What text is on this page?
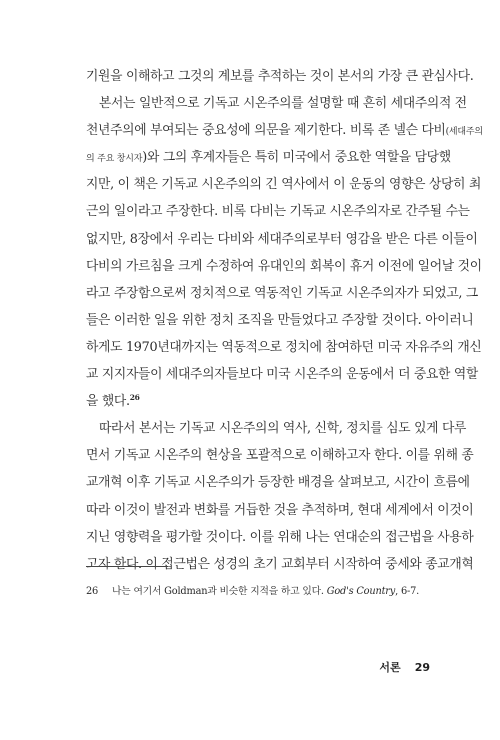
기원을 이해하고 그것의 계보를 추적하는 것이 본서의 가장 큰 관심사다.
본서는 일반적으로 기독교 시온주의를 설명할 때 흔히 세대주의적 전
천년주의에 부여되는 중요성에 의문을 제기한다. 비록 존 넬슨 다비(세대주의
의 주요 창시자)와 그의 후계자들은 특히 미국에서 중요한 역할을 담당했
지만, 이 책은 기독교 시온주의의 긴 역사에서 이 운동의 영향은 상당히 최
근의 일이라고 주장한다. 비록 다비는 기독교 시온주의자로 간주될 수는
없지만, 8장에서 우리는 다비와 세대주의로부터 영감을 받은 다른 이들이
다비의 가르침을 크게 수정하여 유대인의 회복이 휴거 이전에 일어날 것이
라고 주장함으로써 정치적으로 역동적인 기독교 시온주의자가 되었고, 그
들은 이러한 일을 위한 정치 조직을 만들었다고 주장할 것이다. 아이러니
하게도 1970년대까지는 역동적으로 정치에 참여하던 미국 자유주의 개신
교 지지자들이 세대주의자들보다 미국 시온주의 운동에서 더 중요한 역할
을 했다.$^{26}$
따라서 본서는 기독교 시온주의의 역사, 신학, 정치를 심도 있게 다루
면서 기독교 시온주의 현상을 포괄적으로 이해하고자 한다. 이를 위해 종
교개혁 이후 기독교 시온주의가 등장한 배경을 살펴보고, 시간이 흐름에
따라 이것이 발전과 변화를 거듭한 것을 추적하며, 현대 세계에서 이것이
지닌 영향력을 평가할 것이다. 이를 위해 나는 연대순의 접근법을 사용하
고자 한다. 이 접근법은 성경의 초기 교회부터 시작하여 중세와 종교개혁
26 나는 여기서 Goldman과 비슷한 지적을 하고 있다. God's Country, 6-7.
서론 29
